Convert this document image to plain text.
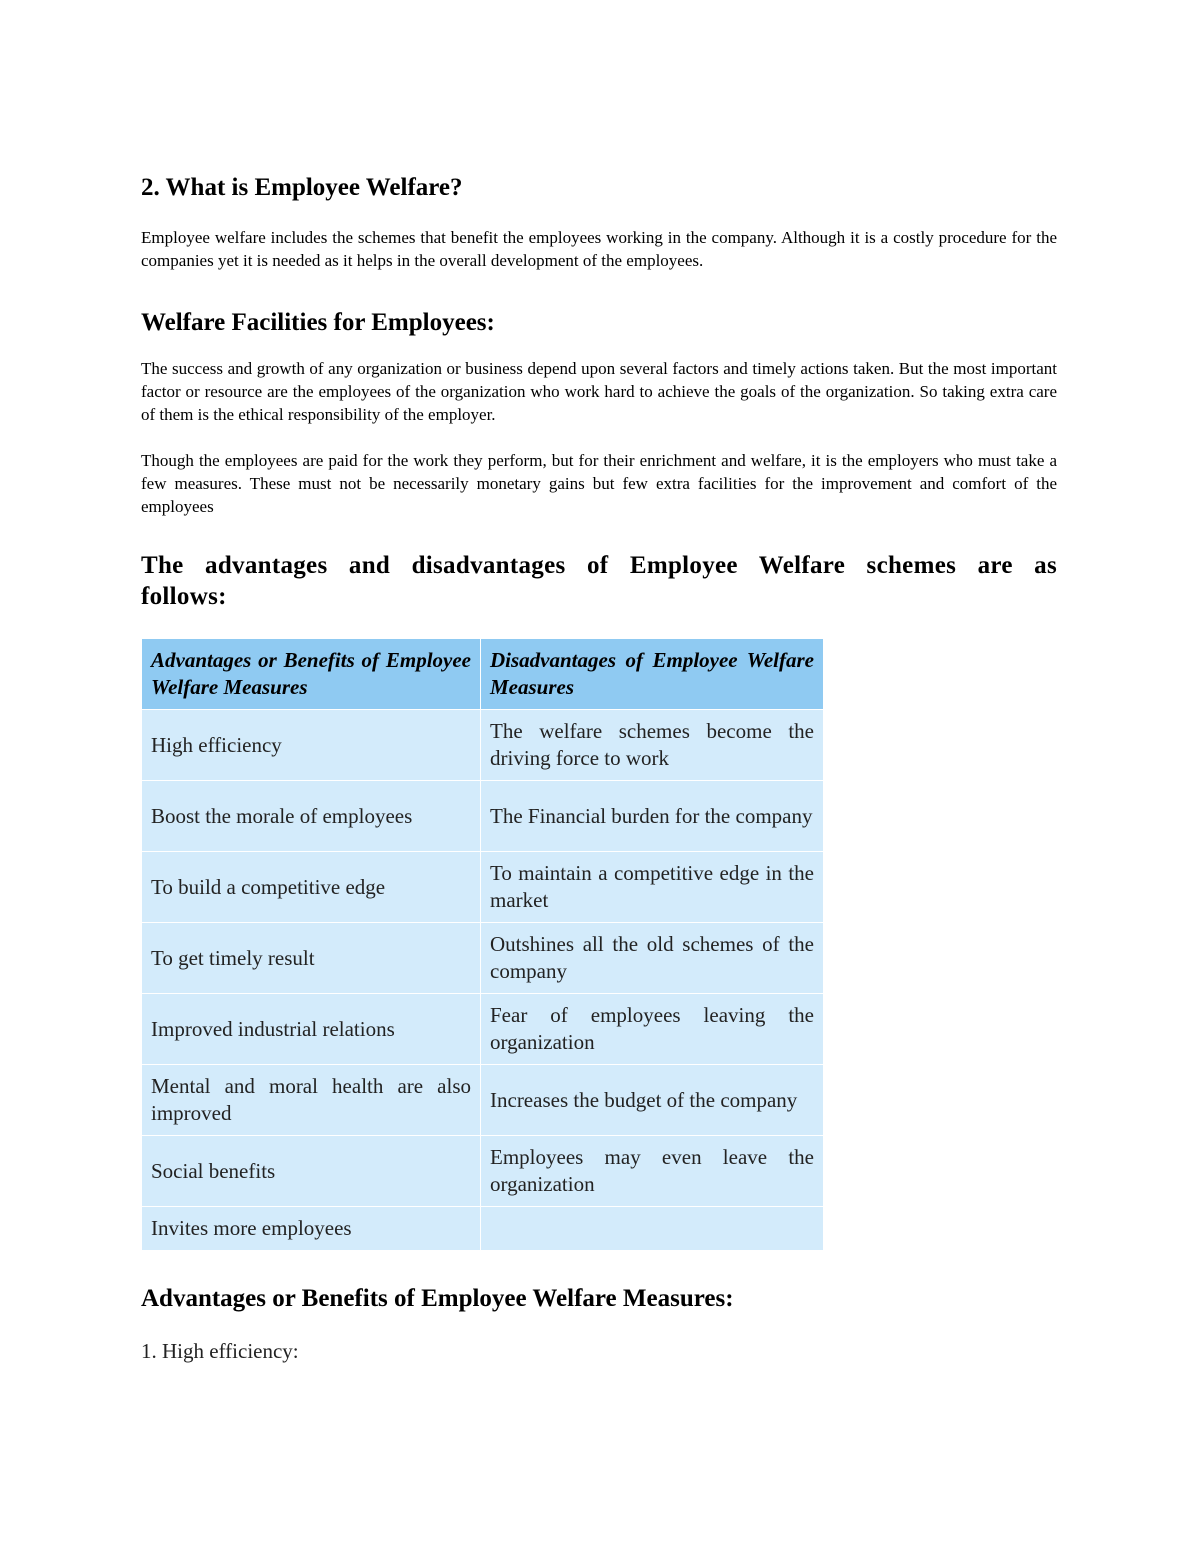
2. What is Employee Welfare?

Employee welfare includes the schemes that benefit the employees working in the company. Although it is a costly procedure for the companies yet it is needed as it helps in the overall development of the employees.

Welfare Facilities for Employees:

The success and growth of any organization or business depend upon several factors and timely actions taken. But the most important factor or resource are the employees of the organization who work hard to achieve the goals of the organization. So taking extra care of them is the ethical responsibility of the employer.

Though the employees are paid for the work they perform, but for their enrichment and welfare, it is the employers who must take a few measures. These must not be necessarily monetary gains but few extra facilities for the improvement and comfort of the employees

The advantages and disadvantages of Employee Welfare schemes are as follows:
Advantages or Benefits of Employee Welfare Measures	Disadvantages of Employee Welfare Measures
High efficiency	The welfare schemes become the driving force to work
Boost the morale of employees	The Financial burden for the company
To build a competitive edge	To maintain a competitive edge in the market
To get timely result	Outshines all the old schemes of the company
Improved industrial relations	Fear of employees leaving the organization
Mental and moral health are also improved	Increases the budget of the company
Social benefits	Employees may even leave the organization
Invites more employees	
Advantages or Benefits of Employee Welfare Measures:

1. High efficiency:
